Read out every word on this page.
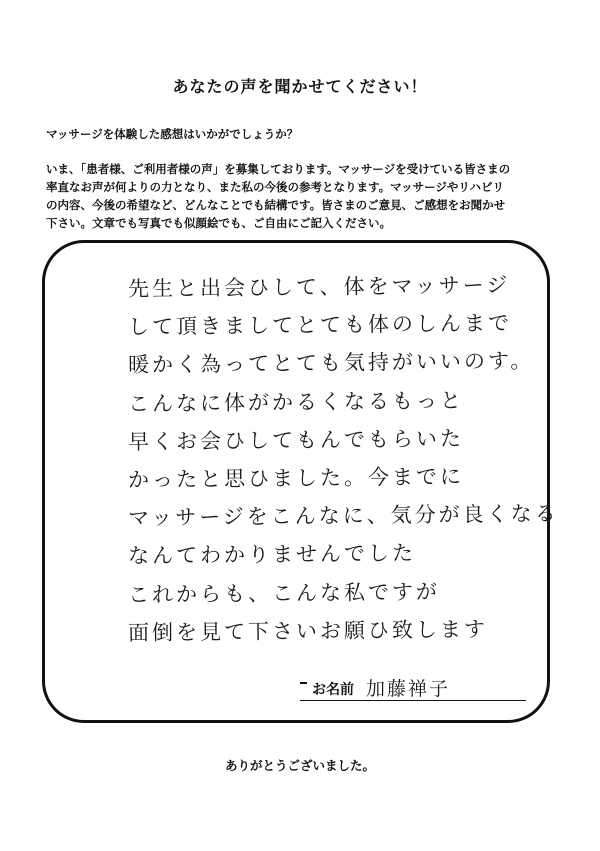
あなたの声を聞かせてください！
マッサージを体験した感想はいかがでしょうか？
いま、「患者様、ご利用者様の声」を募集しております。マッサージを受けている皆さまの
率直なお声が何よりの力となり、また私の今後の参考となります。マッサージやリハビリ
の内容、今後の希望など、どんなことでも結構です。皆さまのご意見、ご感想をお聞かせ
下さい。文章でも写真でも似顔絵でも、ご自由にご記入ください。
先生と出会ひして、体をマッサージ
して頂きましてとても体のしんまで
暖かく為ってとても気持がいいのす。
こんなに体がかるくなるもっと
早くお会ひしてもんでもらいた
かったと思ひました。今までに
マッサージをこんなに、気分が良くなる
なんてわかりませんでした
これからも、こんな私ですが
面倒を見て下さいお願ひ致します
お名前 加藤禅子
ありがとうございました。
